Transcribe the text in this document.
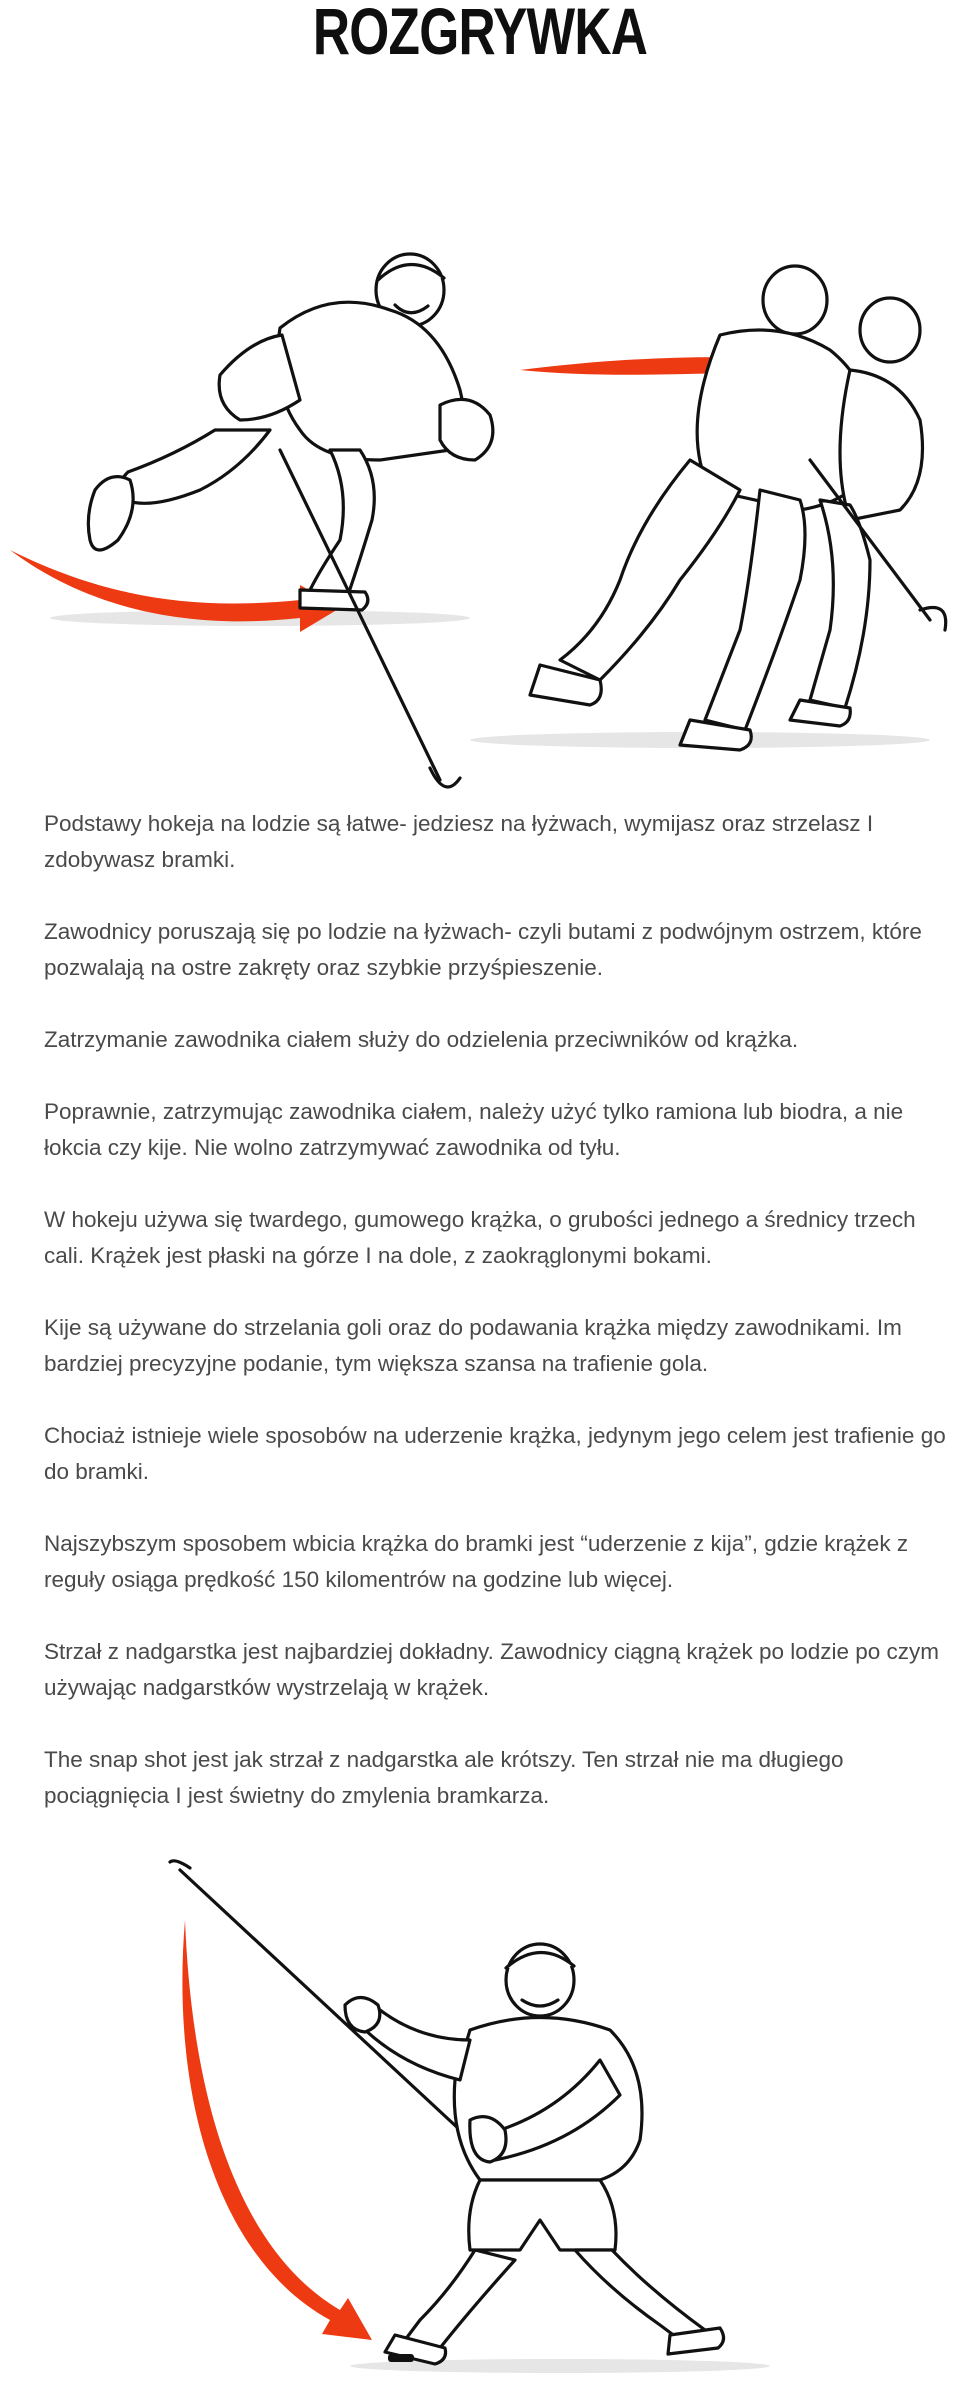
ROZGRYWKA

Podstawy hokeja na lodzie są łatwe- jedziesz na łyżwach, wymijasz oraz strzelasz I zdobywasz bramki.

Zawodnicy poruszają się po lodzie na łyżwach- czyli butami z podwójnym ostrzem, które pozwalają na ostre zakręty oraz szybkie przyśpieszenie.

Zatrzymanie zawodnika ciałem służy do odzielenia przeciwników od krążka.

Poprawnie, zatrzymując zawodnika ciałem, należy użyć tylko ramiona lub biodra, a nie łokcia czy kije. Nie wolno zatrzymywać zawodnika od tyłu.

W hokeju używa się twardego, gumowego krążka, o grubości jednego a średnicy trzech cali. Krążek jest płaski na górze I na dole, z zaokrąglonymi bokami.

Kije są używane do strzelania goli oraz do podawania krążka między zawodnikami. Im bardziej precyzyjne podanie, tym większa szansa na trafienie gola.

Chociaż istnieje wiele sposobów na uderzenie krążka, jedynym jego celem jest trafienie go do bramki.

Najszybszym sposobem wbicia krążka do bramki jest “uderzenie z kija”, gdzie krążek z reguły osiąga prędkość 150 kilomentrów na godzine lub więcej.

Strzał z nadgarstka jest najbardziej dokładny. Zawodnicy ciągną krążek po lodzie po czym używając nadgarstków wystrzelają w krążek.

The snap shot jest jak strzał z nadgarstka ale krótszy. Ten strzał nie ma długiego pociągnięcia I jest świetny do zmylenia bramkarza.
